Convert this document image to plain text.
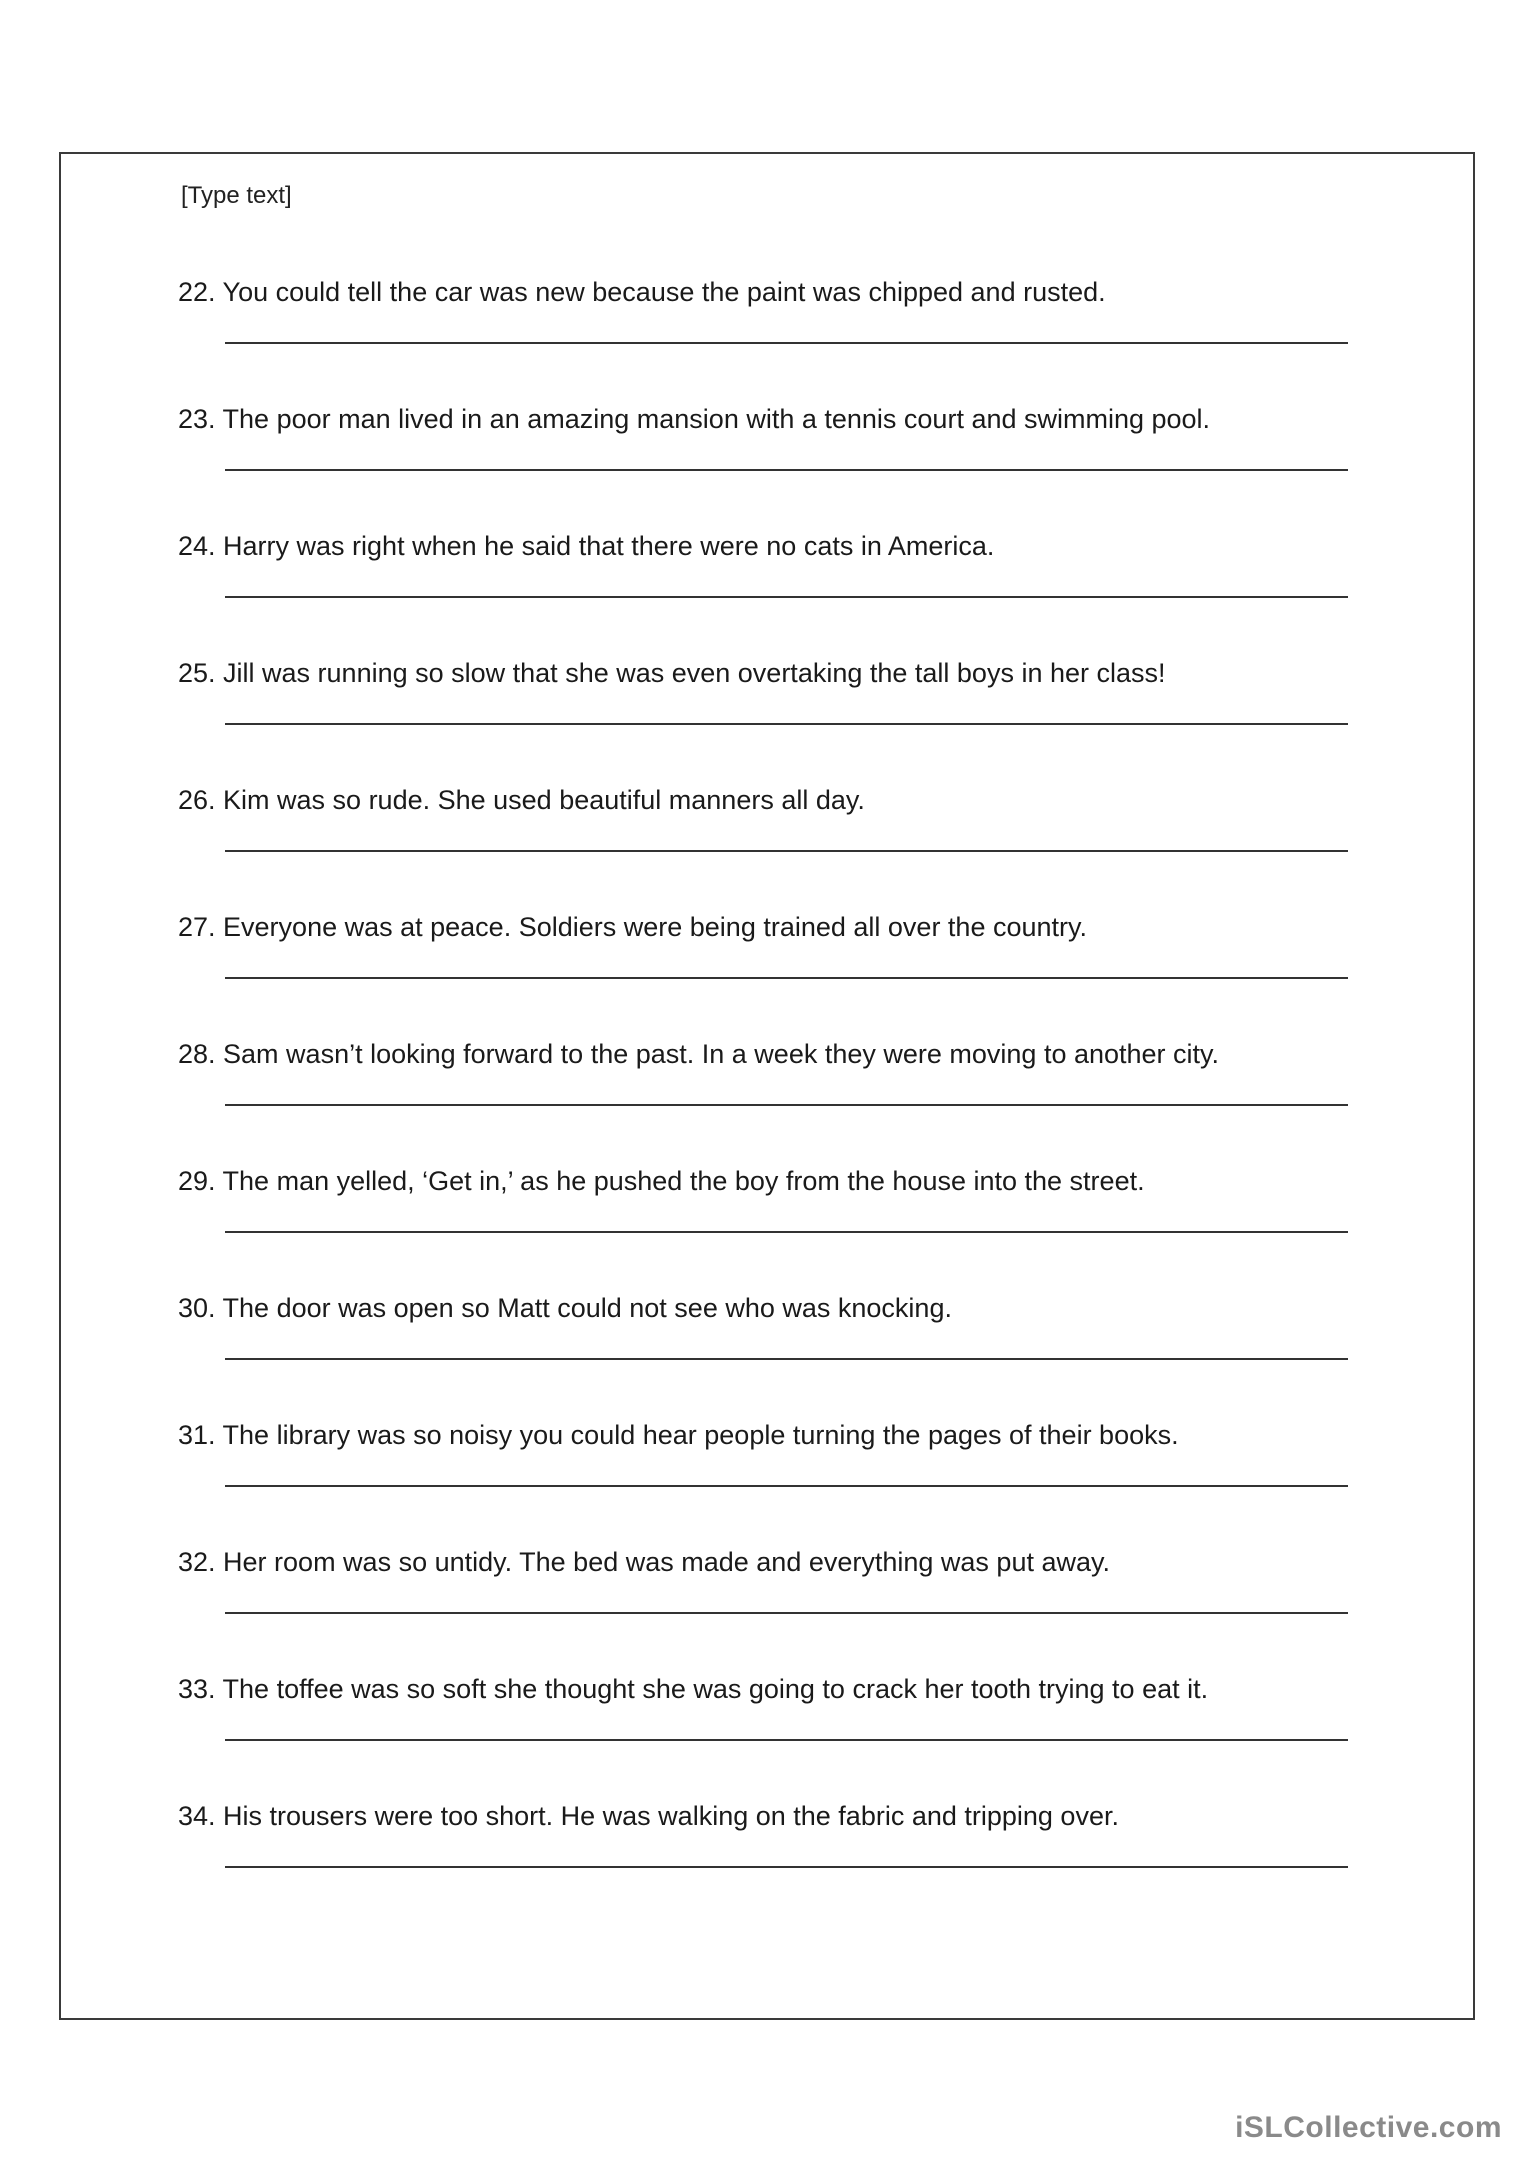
[Type text]
22. You could tell the car was new because the paint was chipped and rusted.
23. The poor man lived in an amazing mansion with a tennis court and swimming pool.
24. Harry was right when he said that there were no cats in America.
25. Jill was running so slow that she was even overtaking the tall boys in her class!
26. Kim was so rude. She used beautiful manners all day.
27. Everyone was at peace. Soldiers were being trained all over the country.
28. Sam wasn’t looking forward to the past. In a week they were moving to another city.
29. The man yelled, ‘Get in,’ as he pushed the boy from the house into the street.
30. The door was open so Matt could not see who was knocking.
31. The library was so noisy you could hear people turning the pages of their books.
32. Her room was so untidy. The bed was made and everything was put away.
33. The toffee was so soft she thought she was going to crack her tooth trying to eat it.
34. His trousers were too short. He was walking on the fabric and tripping over.
iSLCollective.com
